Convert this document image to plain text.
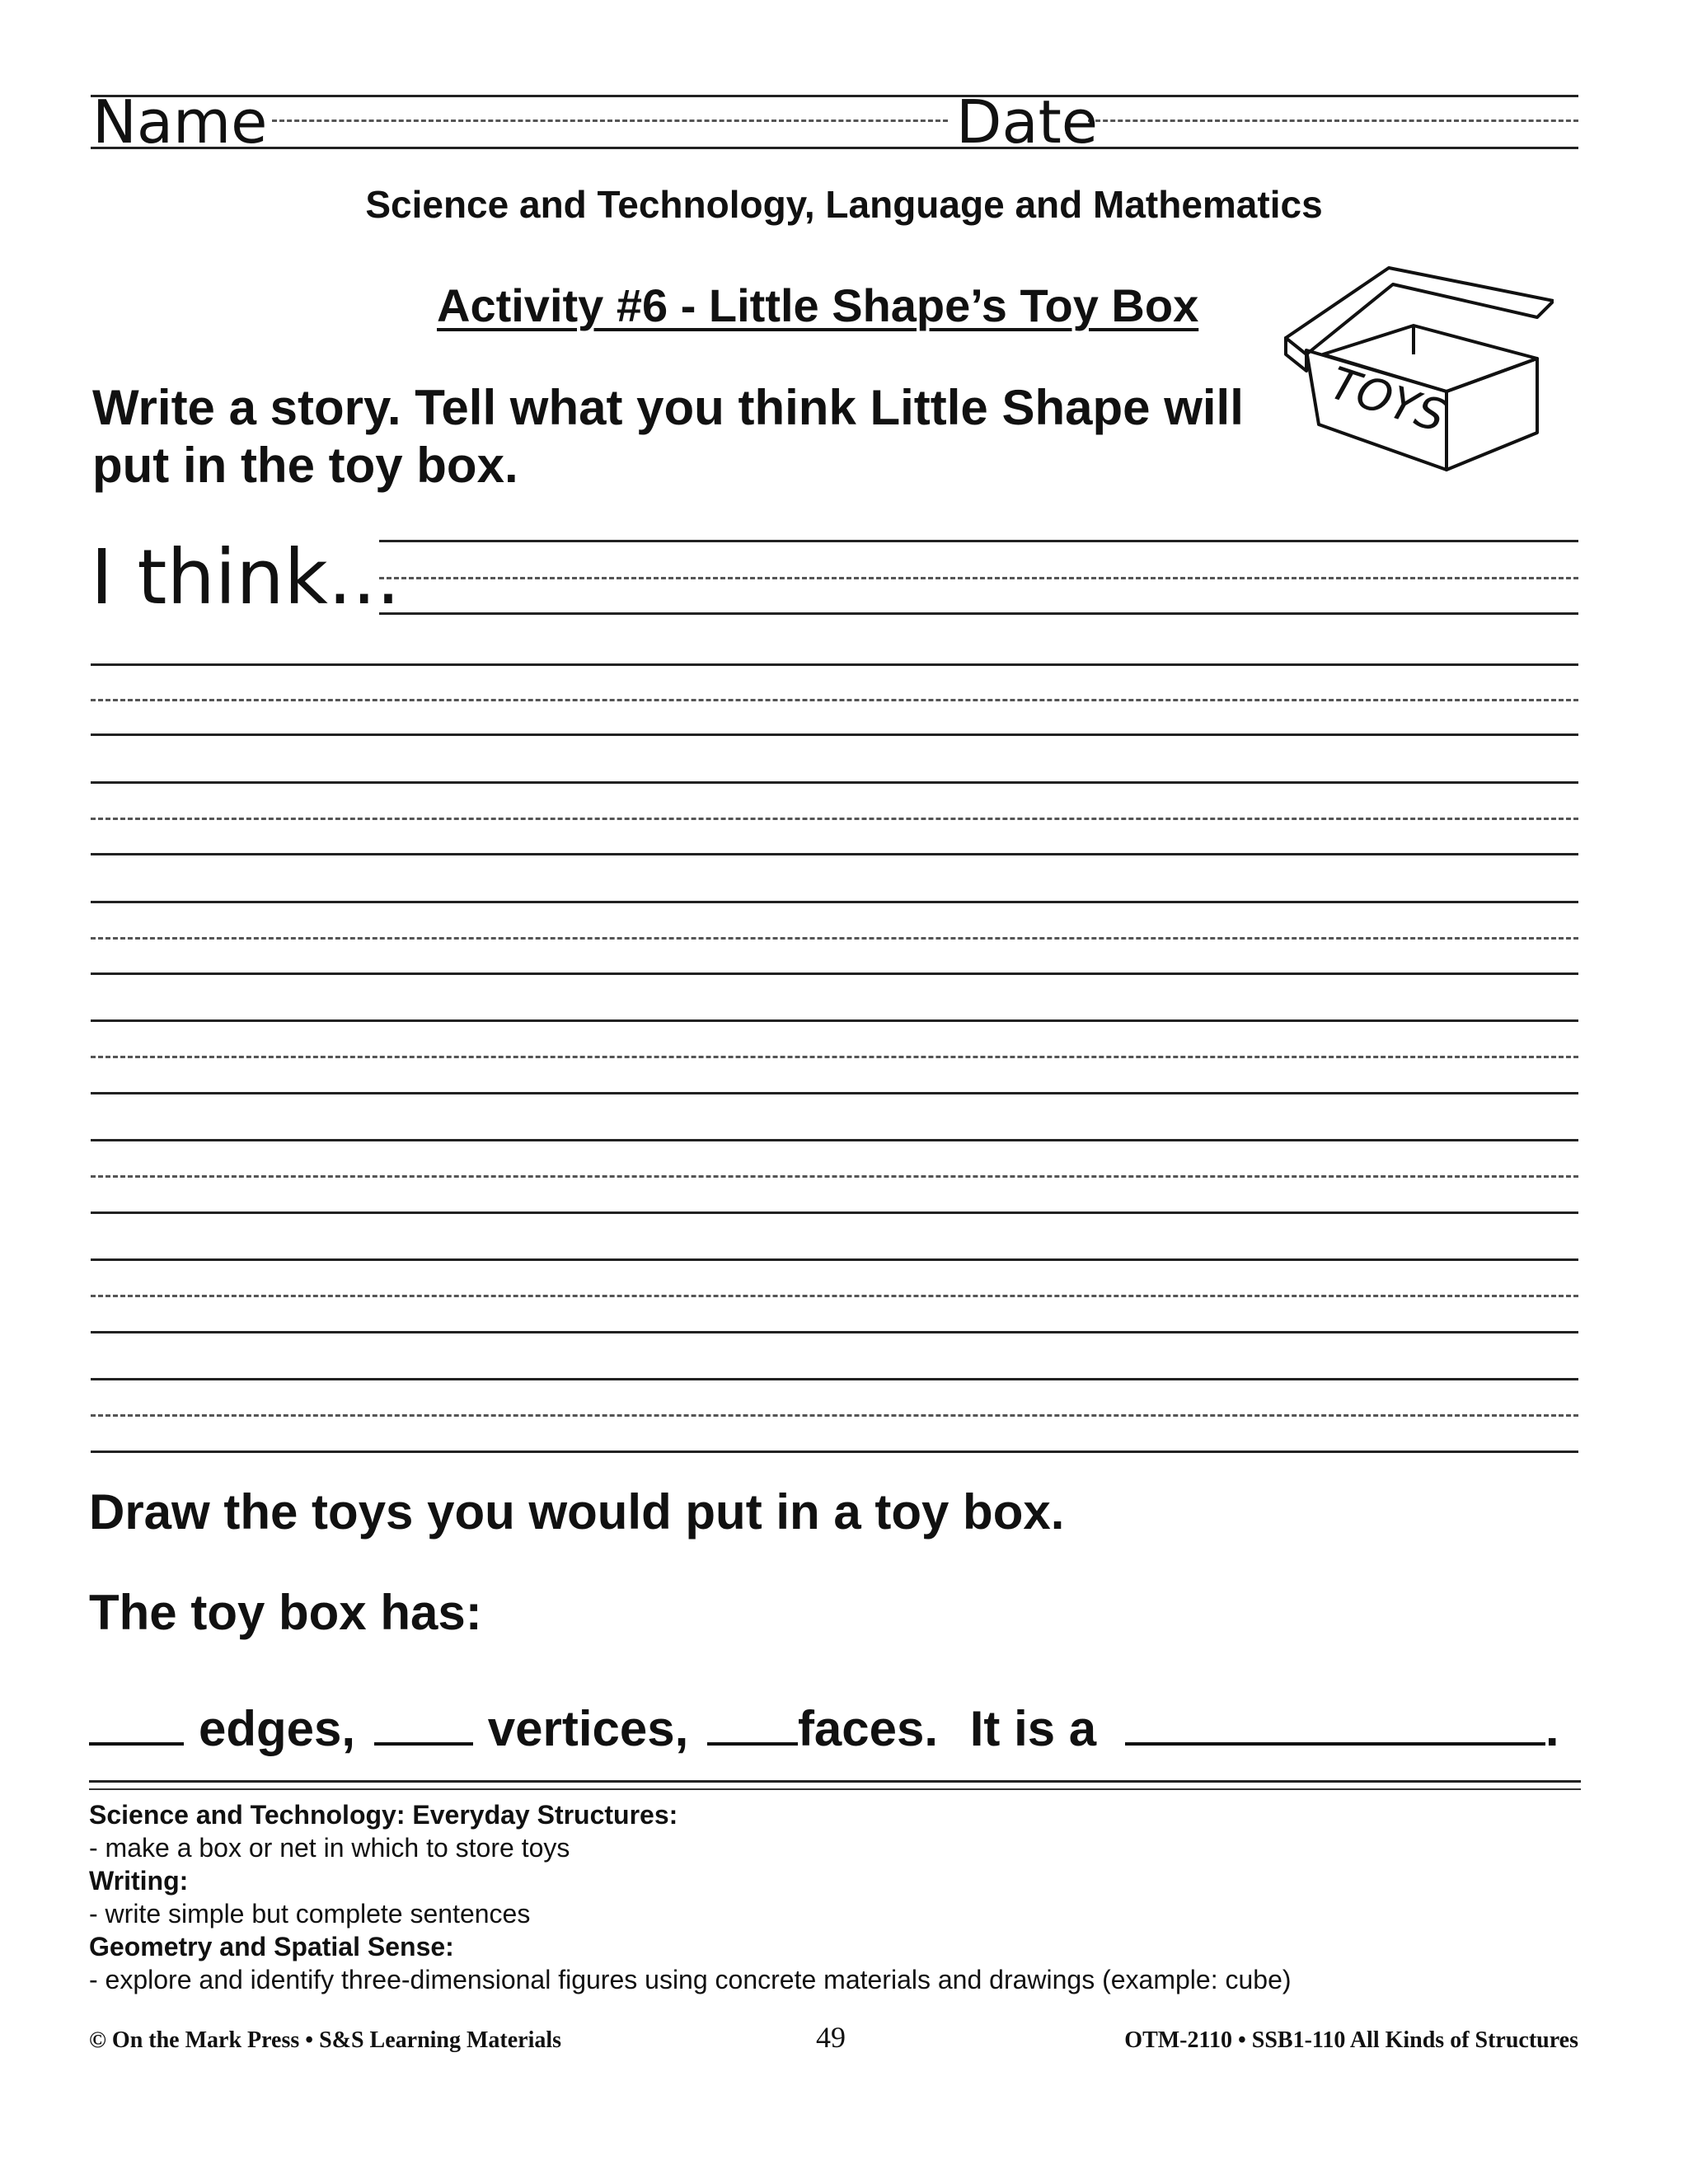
Name	Date
Science and Technology, Language and Mathematics
Activity #6 - Little Shape’s Toy Box
TOYS
Write a story. Tell what you think Little Shape will
put in the toy box.
I think...
Draw the toys you would put in a toy box.
The toy box has:
edges,	vertices, faces. It is a	.
Science and Technology: Everyday Structures:
- make a box or net in which to store toys
Writing:
- write simple but complete sentences
Geometry and Spatial Sense:
- explore and identify three-dimensional figures using concrete materials and drawings (example: cube)
© On the Mark Press • S&S Learning Materials	49	OTM-2110 • SSB1-110 All Kinds of Structures
